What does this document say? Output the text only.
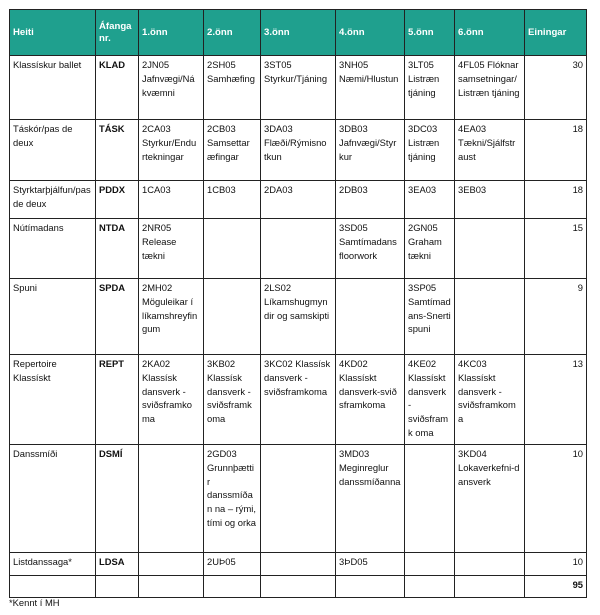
Heiti	Áfanga nr.	1.önn	2.önn	3.önn	4.önn	5.önn	6.önn	Einingar
Klassískur ballet	KLAD	2JN05 Jafnvægi/Ná kvæmni	2SH05 Samhæfing	3ST05 Styrkur/Tjáning	3NH05 Næmi/Hlustun	3LT05 Listræn tjáning	4FL05 Flóknar samsetningar/ Listræn tjáning	30
Táskór/pas de deux	TÁSK	2CA03 Styrkur/Endu rtekningar	2CB03 Samsettar æfingar	3DA03 Flæði/Rýmisno tkun	3DB03 Jafnvægi/Styr kur	3DC03 Listræn tjáning	4EA03 Tækni/Sjálfstr aust	18
Styrktarþjálfun/pas de deux	PDDX	1CA03	1CB03	2DA03	2DB03	3EA03	3EB03	18
Nútímadans	NTDA	2NR05 Release tækni			3SD05 Samtímadans floorwork	2GN05 Graham tækni		15
Spuni	SPDA	2MH02 Möguleikar í líkamshreyfin gum		2LS02 Líkamshugmyn dir og samskipti		3SP05 Samtímad ans-Snerti spuni		9
Repertoire Klassískt	REPT	2KA02 Klassísk dansverk - sviðsframko ma	3KB02 Klassísk dansverk - sviðsframk oma	3KC02 Klassísk dansverk - sviðsframkoma	4KD02 Klassískt dansverk-svið sframkoma	4KE02 Klassískt dansverk - sviðsframk oma	4KC03 Klassískt dansverk - sviðsframkom a	13
Danssmíði	DSMÍ		2GD03 Grunnþættir danssmíðan na – rými, tími og orka		3MD03 Meginreglur danssmíðanna		3KD04 Lokaverkefni-d ansverk	10
Listdanssaga*	LDSA		2UÞ05		3ÞD05			10
								95
*Kennt í MH
